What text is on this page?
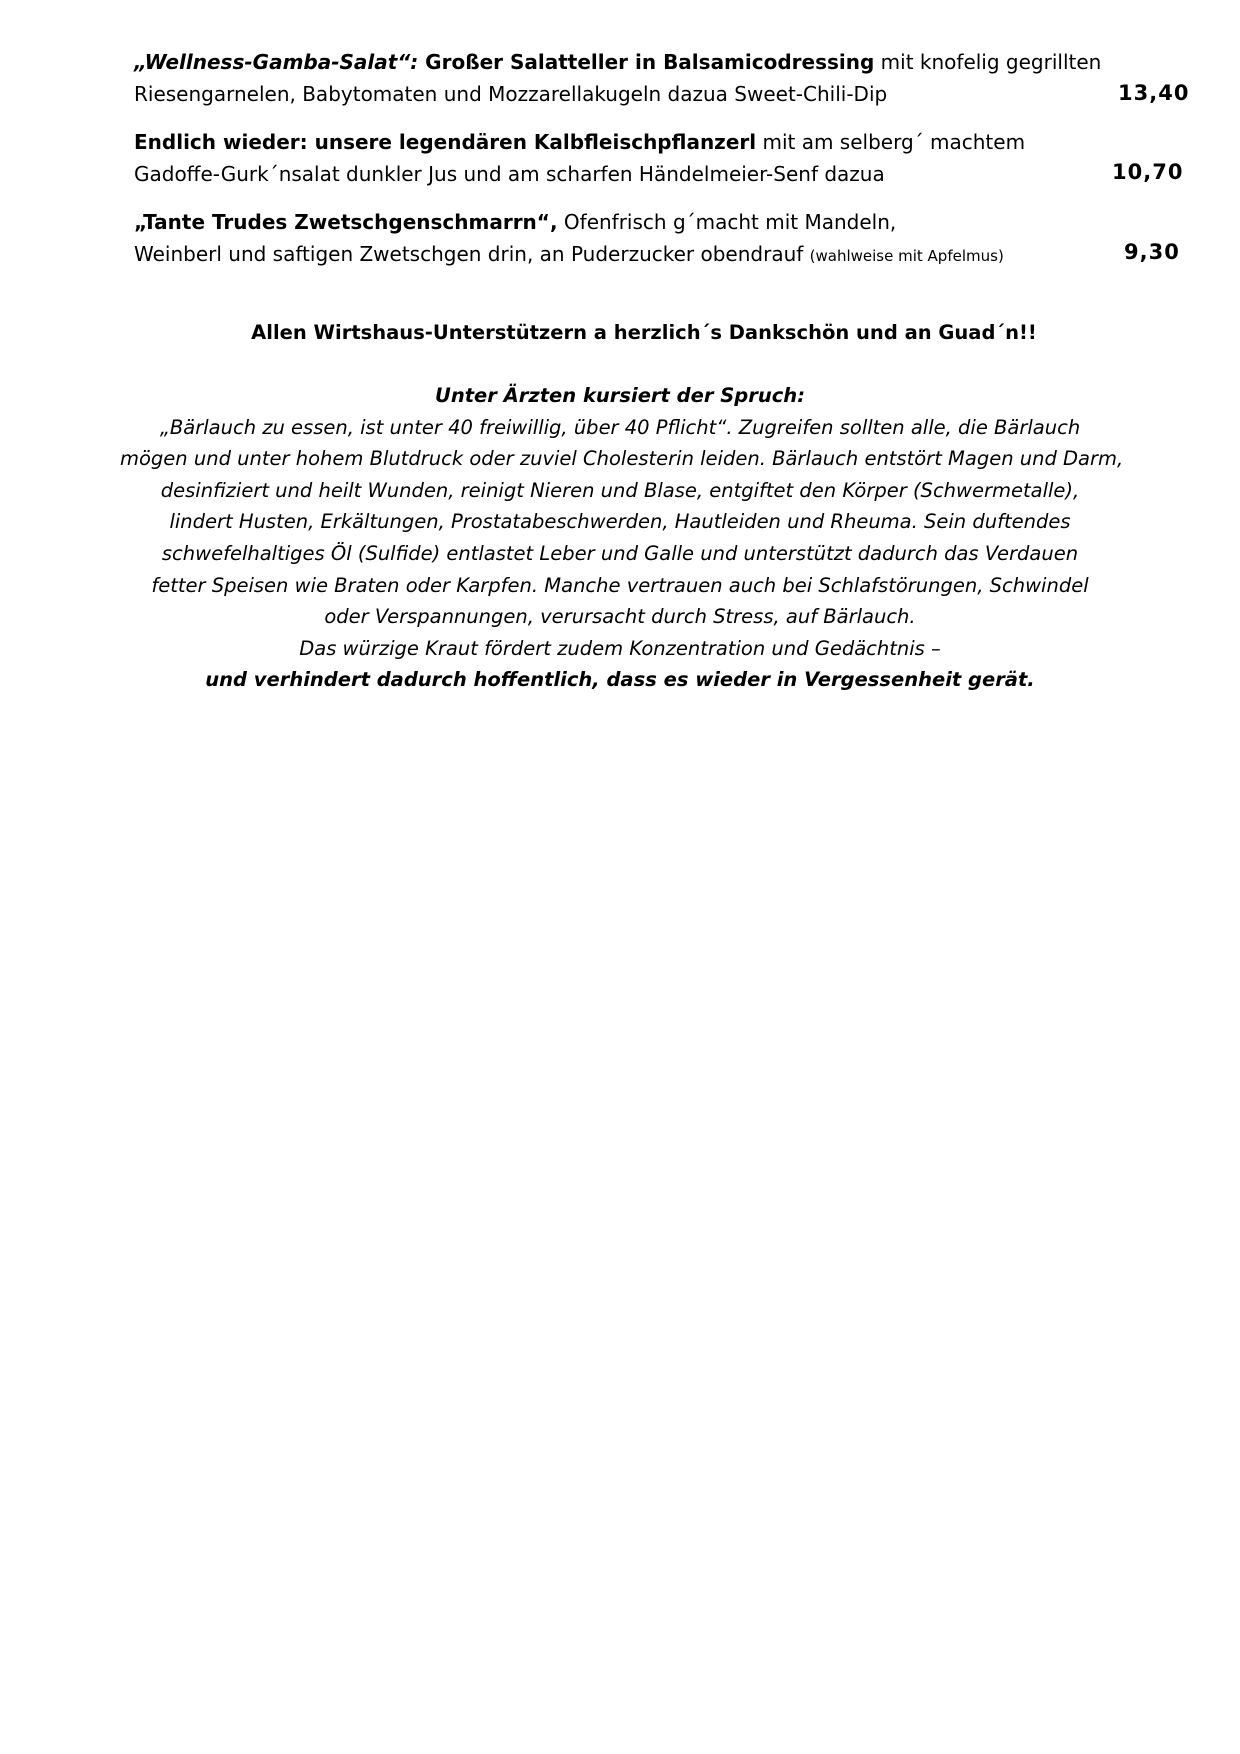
„Wellness-Gamba-Salat“: Großer Salatteller in Balsamicodressing mit knofelig gegrillten
Riesengarnelen, Babytomaten und Mozzarellakugeln dazua Sweet-Chili-Dip	13,40
Endlich wieder: unsere legendären Kalbfleischpflanzerl mit am selberg´ machtem
Gadoffe-Gurk´nsalat dunkler Jus und am scharfen Händelmeier-Senf dazua	10,70
„Tante Trudes Zwetschgenschmarrn“, Ofenfrisch g´macht mit Mandeln,
Weinberl und saftigen Zwetschgen drin, an Puderzucker obendrauf (wahlweise mit Apfelmus)	9,30
Allen Wirtshaus-Unterstützern a herzlich´s Dankschön und an Guad´n!!
Unter Ärzten kursiert der Spruch:
„Bärlauch zu essen, ist unter 40 freiwillig, über 40 Pflicht“. Zugreifen sollten alle, die Bärlauch
mögen und unter hohem Blutdruck oder zuviel Cholesterin leiden. Bärlauch entstört Magen und Darm,
desinfiziert und heilt Wunden, reinigt Nieren und Blase, entgiftet den Körper (Schwermetalle),
lindert Husten, Erkältungen, Prostatabeschwerden, Hautleiden und Rheuma. Sein duftendes
schwefelhaltiges Öl (Sulfide) entlastet Leber und Galle und unterstützt dadurch das Verdauen
fetter Speisen wie Braten oder Karpfen. Manche vertrauen auch bei Schlafstörungen, Schwindel
oder Verspannungen, verursacht durch Stress, auf Bärlauch.
Das würzige Kraut fördert zudem Konzentration und Gedächtnis –
und verhindert dadurch hoffentlich, dass es wieder in Vergessenheit gerät.
